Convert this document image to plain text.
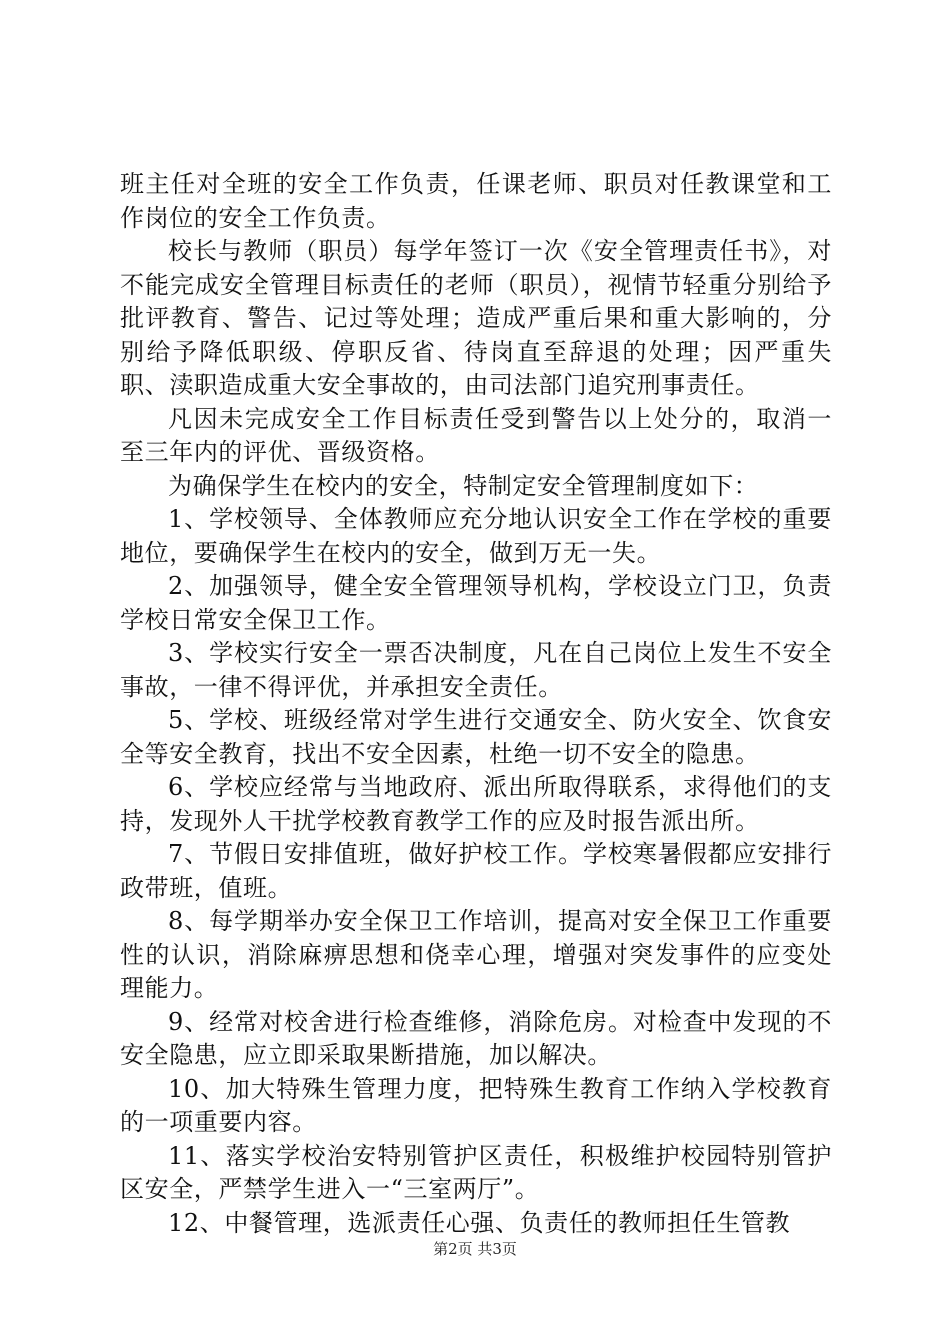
班主任对全班的安全工作负责，任课老师、职员对任教课堂和工作岗位的安全工作负责。

校长与教师（职员）每学年签订一次《安全管理责任书》，对不能完成安全管理目标责任的老师（职员），视情节轻重分别给予批评教育、警告、记过等处理；造成严重后果和重大影响的，分别给予降低职级、停职反省、待岗直至辞退的处理；因严重失职、渎职造成重大安全事故的，由司法部门追究刑事责任。

凡因未完成安全工作目标责任受到警告以上处分的，取消一至三年内的评优、晋级资格。

为确保学生在校内的安全，特制定安全管理制度如下：

1、学校领导、全体教师应充分地认识安全工作在学校的重要地位，要确保学生在校内的安全，做到万无一失。

2、加强领导，健全安全管理领导机构，学校设立门卫，负责学校日常安全保卫工作。

3、学校实行安全一票否决制度，凡在自己岗位上发生不安全事故，一律不得评优，并承担安全责任。

5、学校、班级经常对学生进行交通安全、防火安全、饮食安全等安全教育，找出不安全因素，杜绝一切不安全的隐患。

6、学校应经常与当地政府、派出所取得联系，求得他们的支持，发现外人干扰学校教育教学工作的应及时报告派出所。

7、节假日安排值班，做好护校工作。学校寒暑假都应安排行政带班，值班。

8、每学期举办安全保卫工作培训，提高对安全保卫工作重要性的认识，消除麻痹思想和侥幸心理，增强对突发事件的应变处理能力。

9、经常对校舍进行检查维修，消除危房。对检查中发现的不安全隐患，应立即采取果断措施，加以解决。

10、加大特殊生管理力度，把特殊生教育工作纳入学校教育的一项重要内容。

11、落实学校治安特别管护区责任，积极维护校园特别管护区安全，严禁学生进入一“三室两厅”。

12、中餐管理，选派责任心强、负责任的教师担任生管教

第2页 共3页
